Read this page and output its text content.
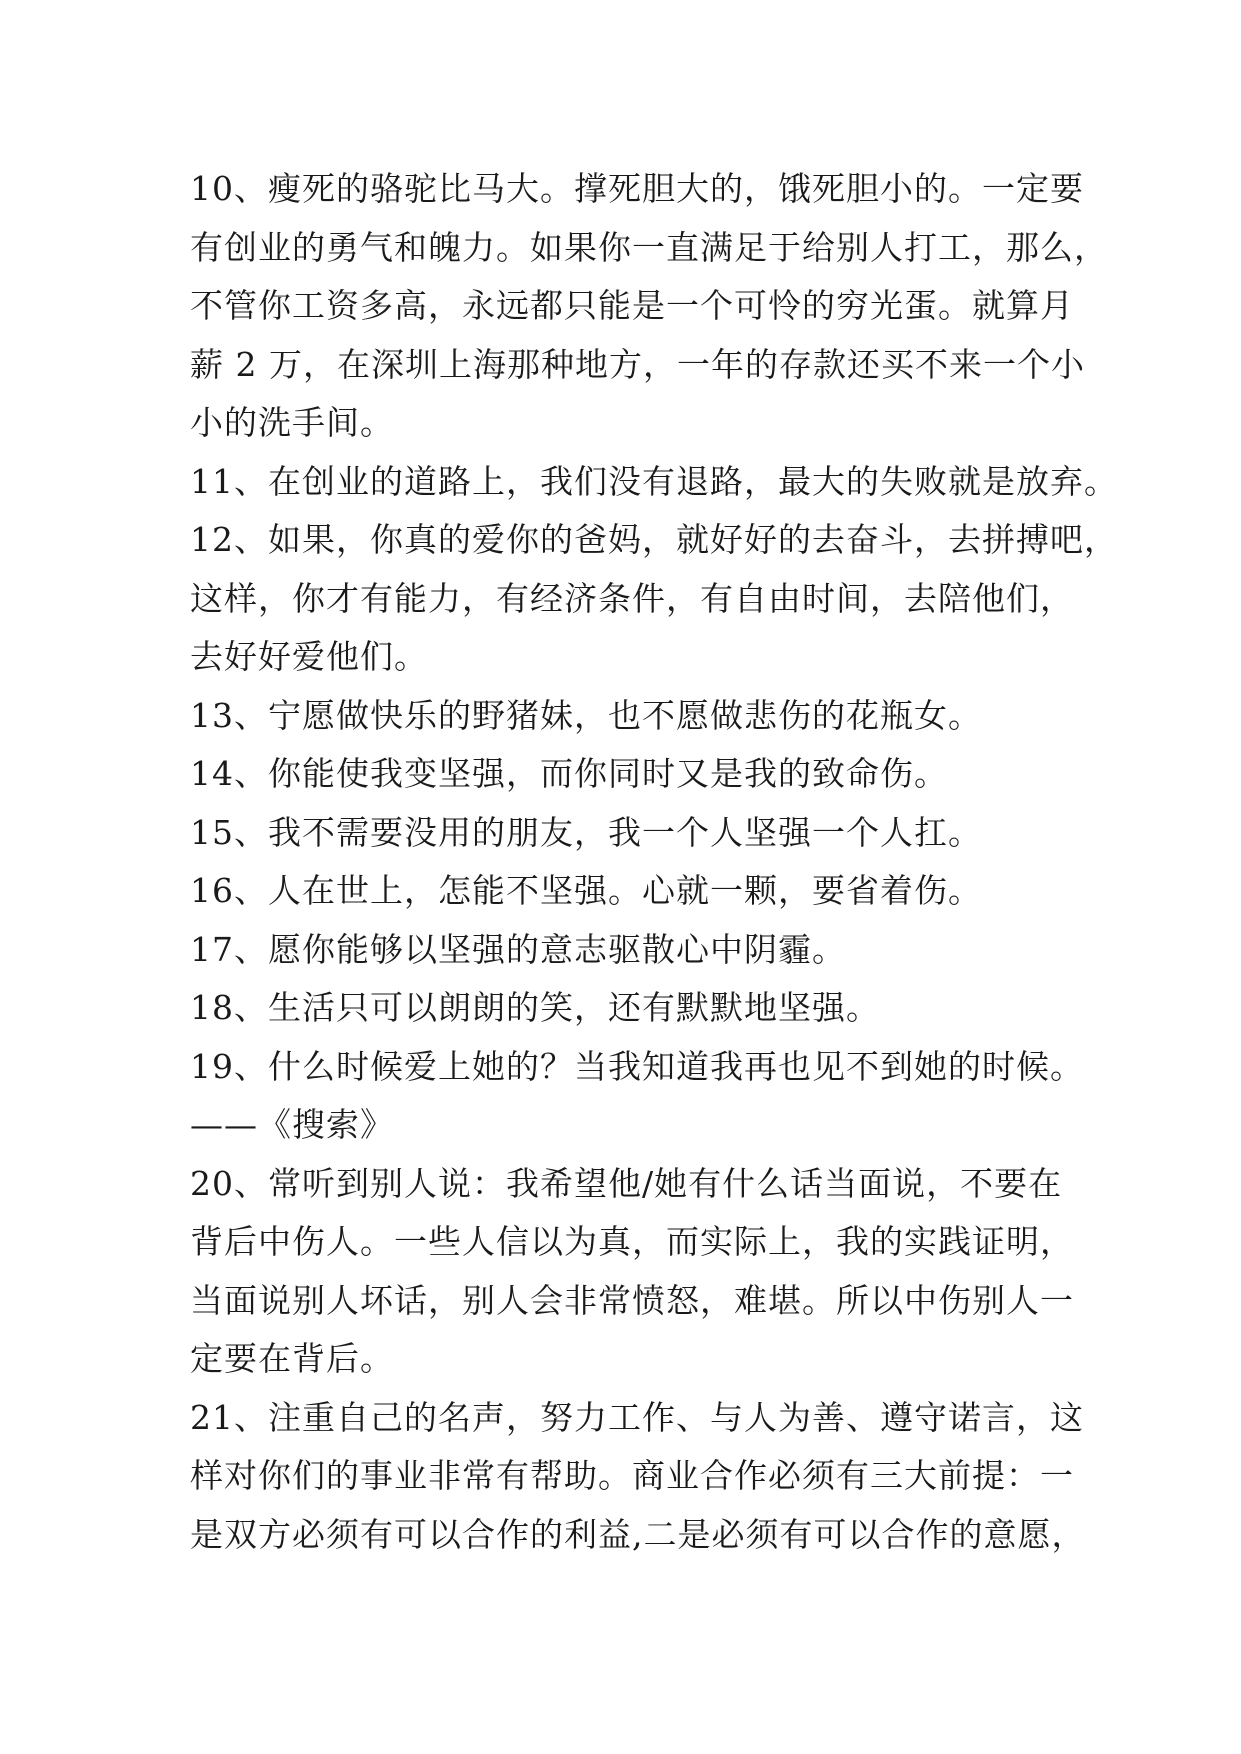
10、瘦死的骆驼比马大。撑死胆大的，饿死胆小的。一定要
有创业的勇气和魄力。如果你一直满足于给别人打工，那么，
不管你工资多高，永远都只能是一个可怜的穷光蛋。就算月
薪 2 万，在深圳上海那种地方，一年的存款还买不来一个小
小的洗手间。
11、在创业的道路上，我们没有退路，最大的失败就是放弃。
12、如果，你真的爱你的爸妈，就好好的去奋斗，去拼搏吧，
这样，你才有能力，有经济条件，有自由时间，去陪他们，
去好好爱他们。
13、宁愿做快乐的野猪妹，也不愿做悲伤的花瓶女。
14、你能使我变坚强，而你同时又是我的致命伤。
15、我不需要没用的朋友，我一个人坚强一个人扛。
16、人在世上，怎能不坚强。心就一颗，要省着伤。
17、愿你能够以坚强的意志驱散心中阴霾。
18、生活只可以朗朗的笑，还有默默地坚强。
19、什么时候爱上她的？当我知道我再也见不到她的时候。
——《搜索》
20、常听到别人说：我希望他/她有什么话当面说，不要在
背后中伤人。一些人信以为真，而实际上，我的实践证明，
当面说别人坏话，别人会非常愤怒，难堪。所以中伤别人一
定要在背后。
21、注重自己的名声，努力工作、与人为善、遵守诺言，这
样对你们的事业非常有帮助。商业合作必须有三大前提：一
是双方必须有可以合作的利益,二是必须有可以合作的意愿，
